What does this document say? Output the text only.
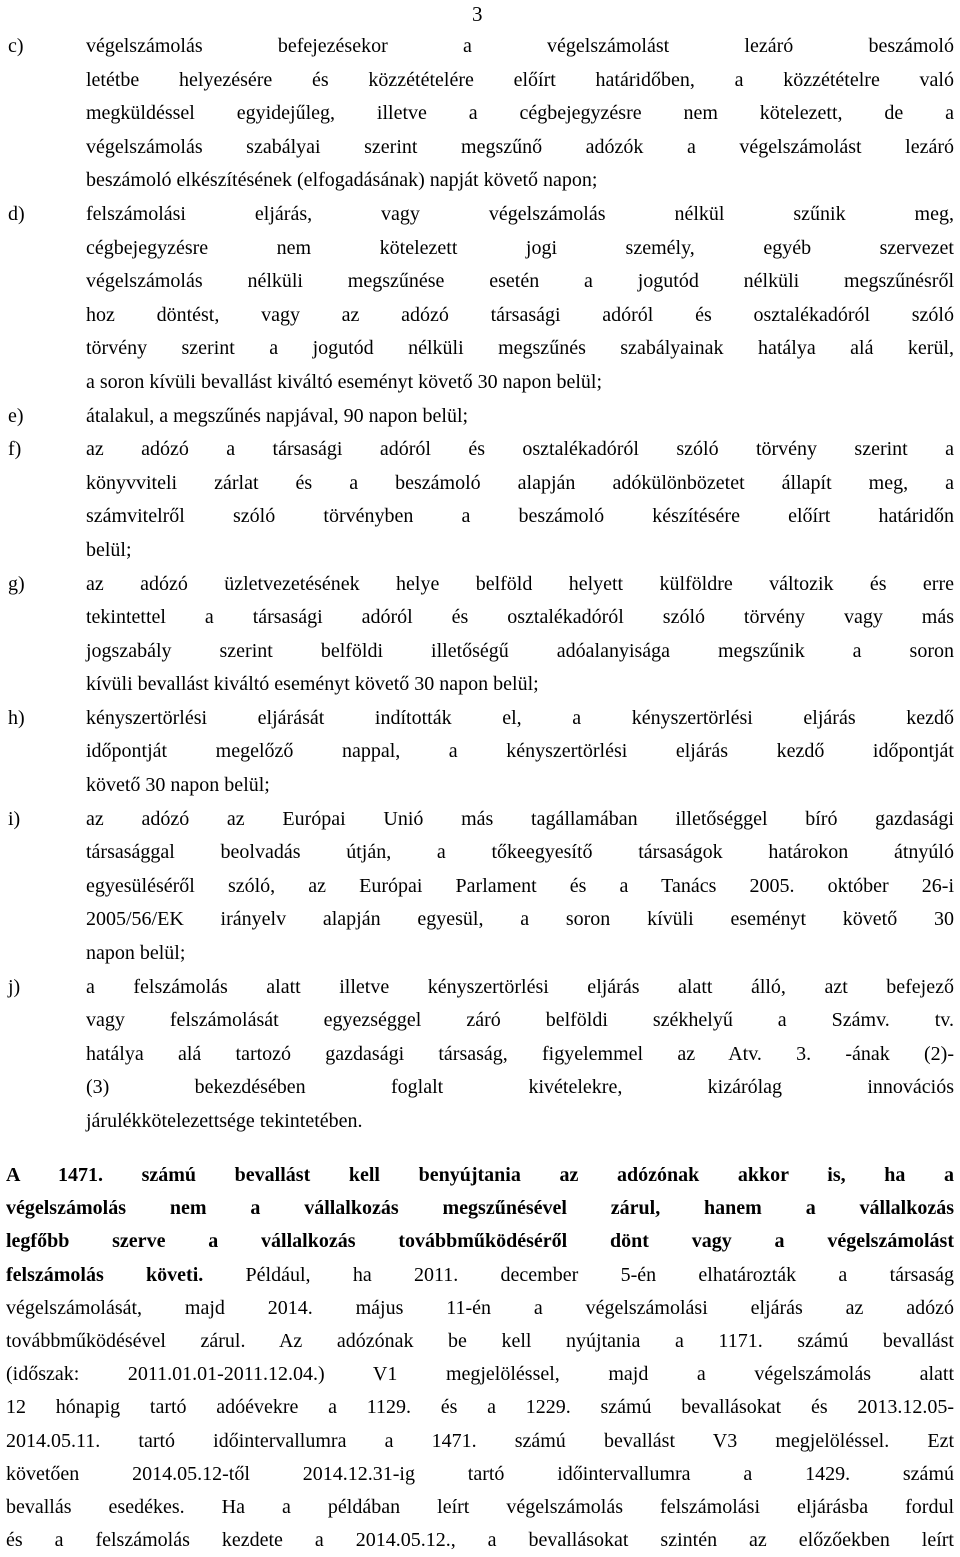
3
c)	végelszámolás befejezésekor a végelszámolást lezáró beszámoló
letétbe helyezésére és közzétételére előírt határidőben, a közzétételre való
megküldéssel egyidejűleg, illetve a cégbejegyzésre nem kötelezett, de a
végelszámolás szabályai szerint megszűnő adózók a végelszámolást lezáró
beszámoló elkészítésének (elfogadásának) napját követő napon;
d)	felszámolási eljárás, vagy végelszámolás nélkül szűnik meg,
cégbejegyzésre nem kötelezett jogi személy, egyéb szervezet
végelszámolás nélküli megszűnése esetén a jogutód nélküli megszűnésről
hoz döntést, vagy az adózó társasági adóról és osztalékadóról szóló
törvény szerint a jogutód nélküli megszűnés szabályainak hatálya alá kerül,
a soron kívüli bevallást kiváltó eseményt követő 30 napon belül;
e)	átalakul, a megszűnés napjával, 90 napon belül;
f)	az adózó a társasági adóról és osztalékadóról szóló törvény szerint a
könyvviteli zárlat és a beszámoló alapján adókülönbözetet állapít meg, a
számvitelről szóló törvényben a beszámoló készítésére előírt határidőn
belül;
g)	az adózó üzletvezetésének helye belföld helyett külföldre változik és erre
tekintettel a társasági adóról és osztalékadóról szóló törvény vagy más
jogszabály szerint belföldi illetőségű adóalanyisága megszűnik a soron
kívüli bevallást kiváltó eseményt követő 30 napon belül;
h)	kényszertörlési eljárását indították el, a kényszertörlési eljárás kezdő
időpontját megelőző nappal, a kényszertörlési eljárás kezdő időpontját
követő 30 napon belül;
i)	az adózó az Európai Unió más tagállamában illetőséggel bíró gazdasági
társasággal beolvadás útján, a tőkeegyesítő társaságok határokon átnyúló
egyesüléséről szóló, az Európai Parlament és a Tanács 2005. október 26-i
2005/56/EK irányelv alapján egyesül, a soron kívüli eseményt követő 30
napon belül;
j)	a felszámolás alatt illetve kényszertörlési eljárás alatt álló, azt befejező
vagy felszámolását egyezséggel záró belföldi székhelyű a Számv. tv.
hatálya alá tartozó gazdasági társaság, figyelemmel az Atv. 3. -ának (2)-
(3) bekezdésében foglalt kivételekre, kizárólag innovációs
járulékkötelezettsége tekintetében.
A 1471. számú bevallást kell benyújtania az adózónak akkor is, ha a
végelszámolás nem a vállalkozás megszűnésével zárul, hanem a vállalkozás
legfőbb szerve a vállalkozás továbbműködéséről dönt vagy a végelszámolást
felszámolás követi. Például, ha 2011. december 5-én elhatározták a társaság
végelszámolását, majd 2014. május 11-én a végelszámolási eljárás az adózó
továbbműködésével zárul. Az adózónak be kell nyújtania a 1171. számú bevallást
(időszak: 2011.01.01-2011.12.04.) V1 megjelöléssel, majd a végelszámolás alatt
12 hónapig tartó adóévekre a 1129. és a 1229. számú bevallásokat és 2013.12.05-
2014.05.11. tartó időintervallumra a 1471. számú bevallást V3 megjelöléssel. Ezt
követően 2014.05.12-től 2014.12.31-ig tartó időintervallumra a 1429. számú
bevallás esedékes. Ha a példában leírt végelszámolás felszámolási eljárásba fordul
és a felszámolás kezdete a 2014.05.12., a bevallásokat szintén az előzőekben leírt
